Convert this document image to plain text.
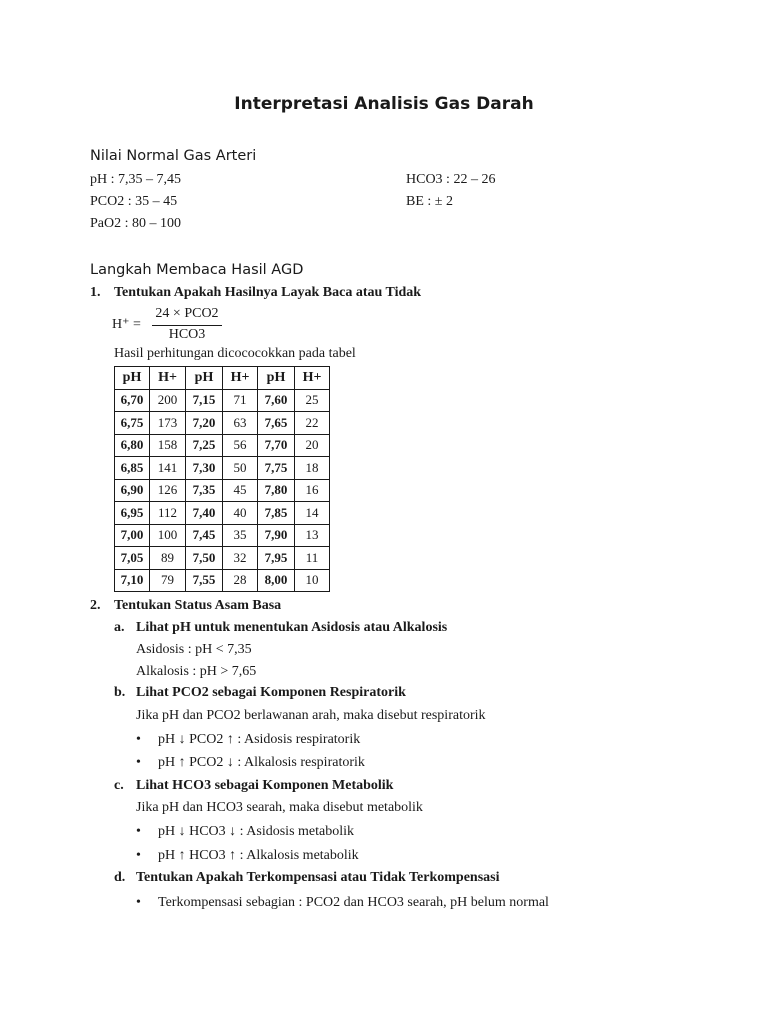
Interpretasi Analisis Gas Darah
Nilai Normal Gas Arteri
pH : 7,35 – 7,45
PCO2 : 35 – 45
PaO2 : 80 – 100
HCO3 : 22 – 26
BE : ± 2
Langkah Membaca Hasil AGD
1. Tentukan Apakah Hasilnya Layak Baca atau Tidak
H⁺ =
24 × PCO2
HCO3
Hasil perhitungan dicococokkan pada tabel
pH	H+	pH	H+	pH	H+
6,70	200	7,15	71	7,60	25
6,75	173	7,20	63	7,65	22
6,80	158	7,25	56	7,70	20
6,85	141	7,30	50	7,75	18
6,90	126	7,35	45	7,80	16
6,95	112	7,40	40	7,85	14
7,00	100	7,45	35	7,90	13
7,05	89	7,50	32	7,95	11
7,10	79	7,55	28	8,00	10
2. Tentukan Status Asam Basa
a. Lihat pH untuk menentukan Asidosis atau Alkalosis
Asidosis : pH < 7,35
Alkalosis : pH > 7,65
b. Lihat PCO2 sebagai Komponen Respiratorik
Jika pH dan PCO2 berlawanan arah, maka disebut respiratorik
• pH ↓ PCO2 ↑ : Asidosis respiratorik
• pH ↑ PCO2 ↓ : Alkalosis respiratorik
c. Lihat HCO3 sebagai Komponen Metabolik
Jika pH dan HCO3 searah, maka disebut metabolik
• pH ↓ HCO3 ↓ : Asidosis metabolik
• pH ↑ HCO3 ↑ : Alkalosis metabolik
d. Tentukan Apakah Terkompensasi atau Tidak Terkompensasi
• Terkompensasi sebagian : PCO2 dan HCO3 searah, pH belum normal
